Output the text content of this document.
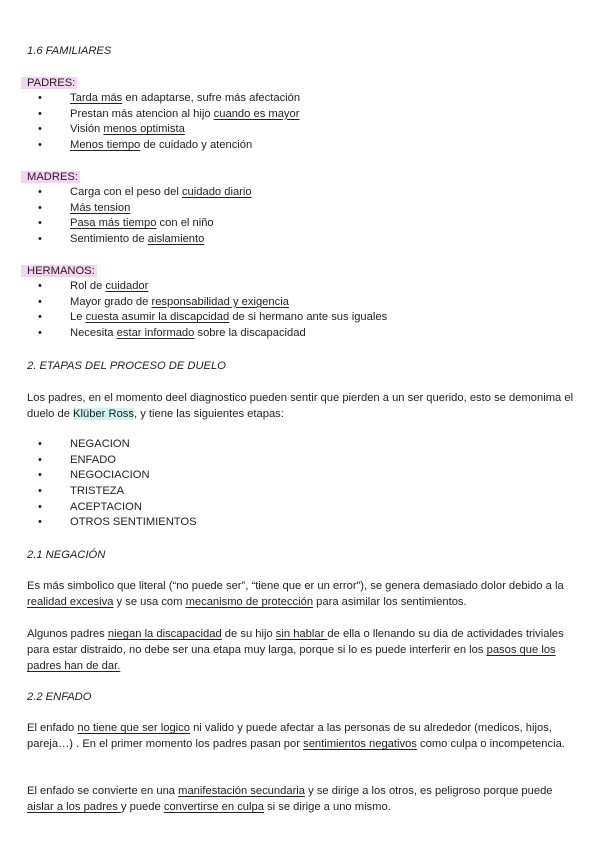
1.6 FAMILIARES
PADRES:
•	Tarda más en adaptarse, sufre más afectación
•	Prestan más atencion al hijo cuando es mayor
•	Visión menos optimista
•	Menos tiempo de cuidado y atención
MADRES:
•	Carga con el peso del cuidado diario
•	Más tension
•	Pasa más tiempo con el niño
•	Sentimiento de aislamiento
HERMANOS:
•	Rol de cuidador
•	Mayor grado de responsabilidad y exigencia
•	Le cuesta asumir la discapcidad de si hermano ante sus iguales
•	Necesita estar informado sobre la discapacidad
2. ETAPAS DEL PROCESO DE DUELO

Los padres, en el momento deel diagnostico pueden sentir que pierden a un ser querido, esto se demonima el duelo de Klüber Ross, y tiene las siguientes etapas:

•	NEGACION
•	ENFADO
•	NEGOCIACION
•	TRISTEZA
•	ACEPTACION
•	OTROS SENTIMIENTOS
2.1 NEGACIÓN

Es más simbolico que literal (“no puede ser”, “tiene que er un error”), se genera demasiado dolor debido a la realidad excesiva y se usa com mecanismo de protección para asimilar los sentimientos.

Algunos padres niegan la discapacidad de su hijo sin hablar de ella o llenando su dia de actividades triviales para estar distraido, no debe ser una etapa muy larga, porque si lo es puede interferir en los pasos que los padres han de dar.

2.2 ENFADO

El enfado no tiene que ser logico ni valido y puede afectar a las personas de su alrededor (medicos, hijos, pareja…) . En el primer momento los padres pasan por sentimientos negativos como culpa o incompetencia.

El enfado se convierte en una manifestación secundaria y se dirige a los otros, es peligroso porque puede aislar a los padres y puede convertirse en culpa si se dirige a uno mismo.
